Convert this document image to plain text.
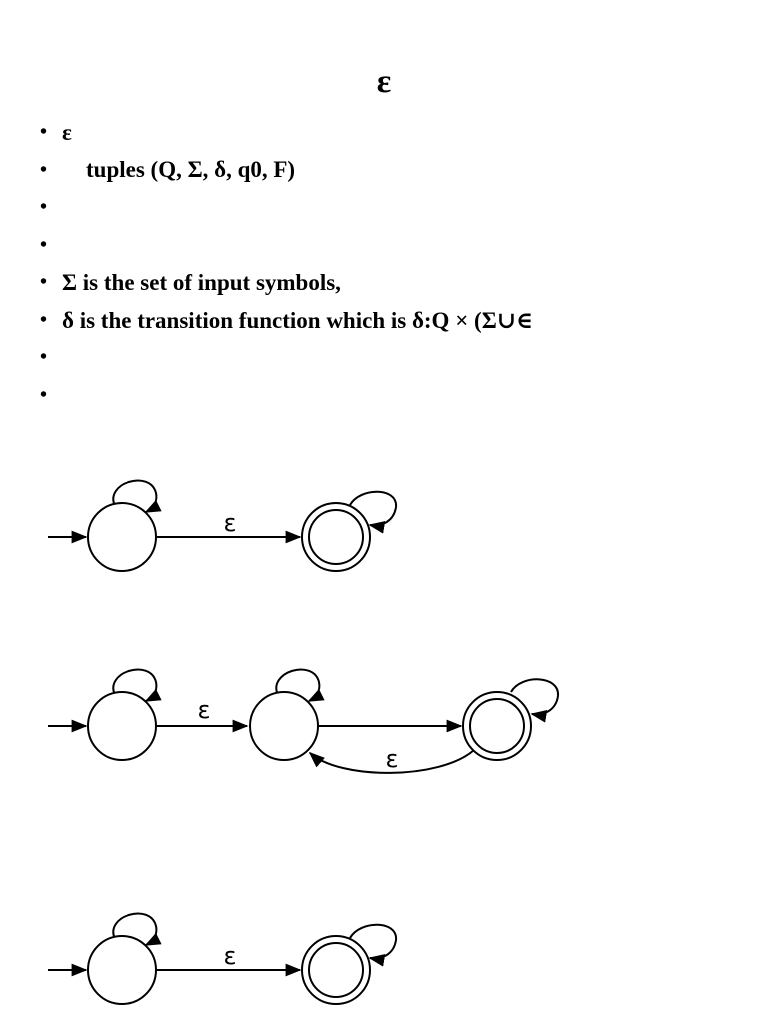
ε
• ε
•	tuples (Q, Σ, δ, q0, F)
•
•
• Σ is the set of input symbols,
• δ is the transition function which is δ:Q × (Σ∪∈
•
•
ε
ε
ε
ε
